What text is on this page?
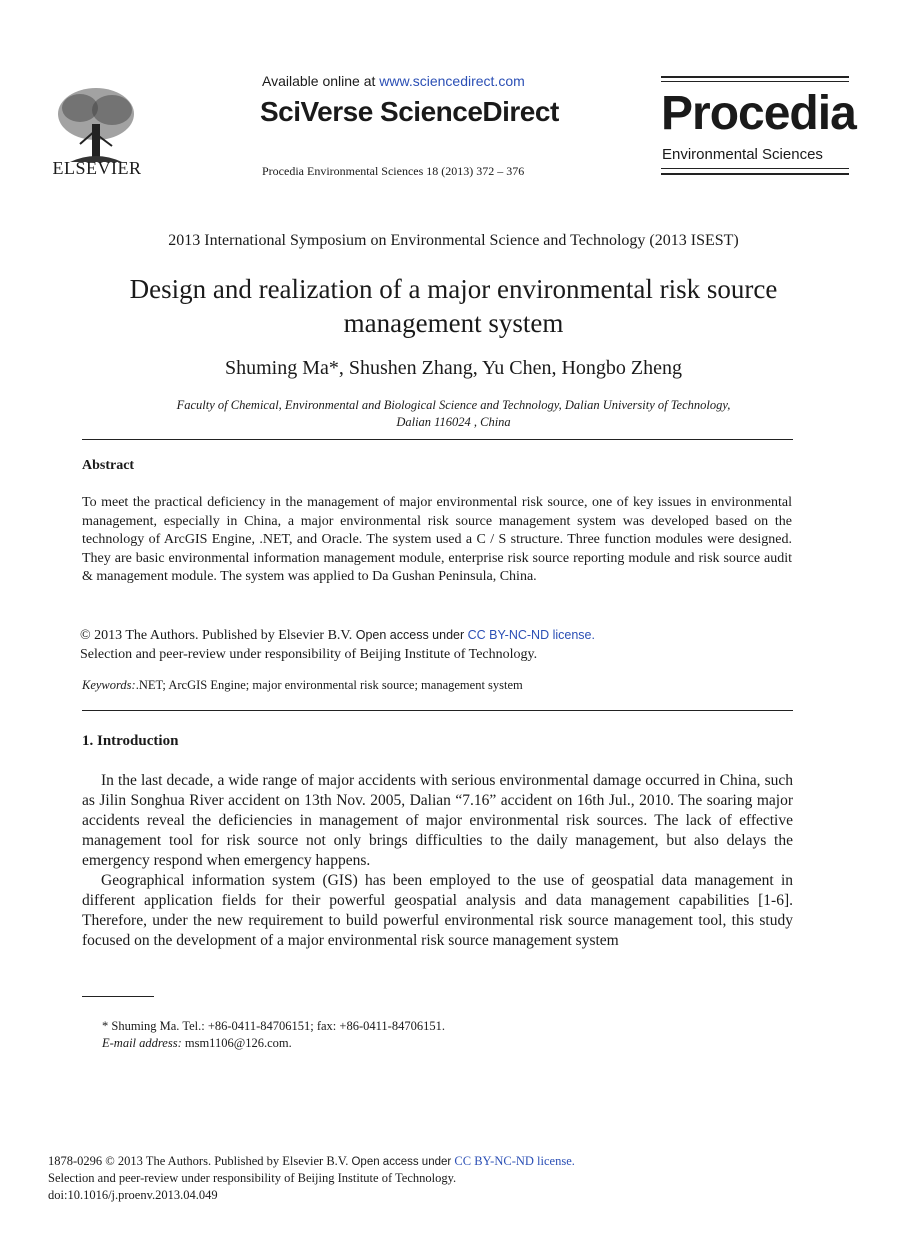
ELSEVIER
Available online at www.sciencedirect.com
SciVerse ScienceDirect
Procedia Environmental Sciences 18 (2013) 372 – 376
Procedia
Environmental Sciences
2013 International Symposium on Environmental Science and Technology (2013 ISEST)
Design and realization of a major environmental risk source
management system
Shuming Ma*, Shushen Zhang, Yu Chen, Hongbo Zheng
Faculty of Chemical, Environmental and Biological Science and Technology, Dalian University of Technology,
Dalian 116024 , China
Abstract
To meet the practical deficiency in the management of major environmental risk source, one of key issues in environmental management, especially in China, a major environmental risk source management system was developed based on the technology of ArcGIS Engine, .NET, and Oracle. The system used a C / S structure. Three function modules were designed. They are basic environmental information management module, enterprise risk source reporting module and risk source audit & management module. The system was applied to Da Gushan Peninsula, China.
© 2013 The Authors. Published by Elsevier B.V. Open access under CC BY-NC-ND license.
Selection and peer-review under responsibility of Beijing Institute of Technology.
Keywords:.NET; ArcGIS Engine; major environmental risk source; management system
1. Introduction

In the last decade, a wide range of major accidents with serious environmental damage occurred in China, such as Jilin Songhua River accident on 13th Nov. 2005, Dalian “7.16” accident on 16th Jul., 2010. The soaring major accidents reveal the deficiencies in management of major environmental risk sources. The lack of effective management tool for risk source not only brings difficulties to the daily management, but also delays the emergency respond when emergency happens.

Geographical information system (GIS) has been employed to the use of geospatial data management in different application fields for their powerful geospatial analysis and data management capabilities [1-6]. Therefore, under the new requirement to build powerful environmental risk source management tool, this study focused on the development of a major environmental risk source management system

* Shuming Ma. Tel.: +86-0411-84706151; fax: +86-0411-84706151.
E-mail address: msm1106@126.com.
1878-0296 © 2013 The Authors. Published by Elsevier B.V. Open access under CC BY-NC-ND license.
Selection and peer-review under responsibility of Beijing Institute of Technology.
doi:10.1016/j.proenv.2013.04.049
